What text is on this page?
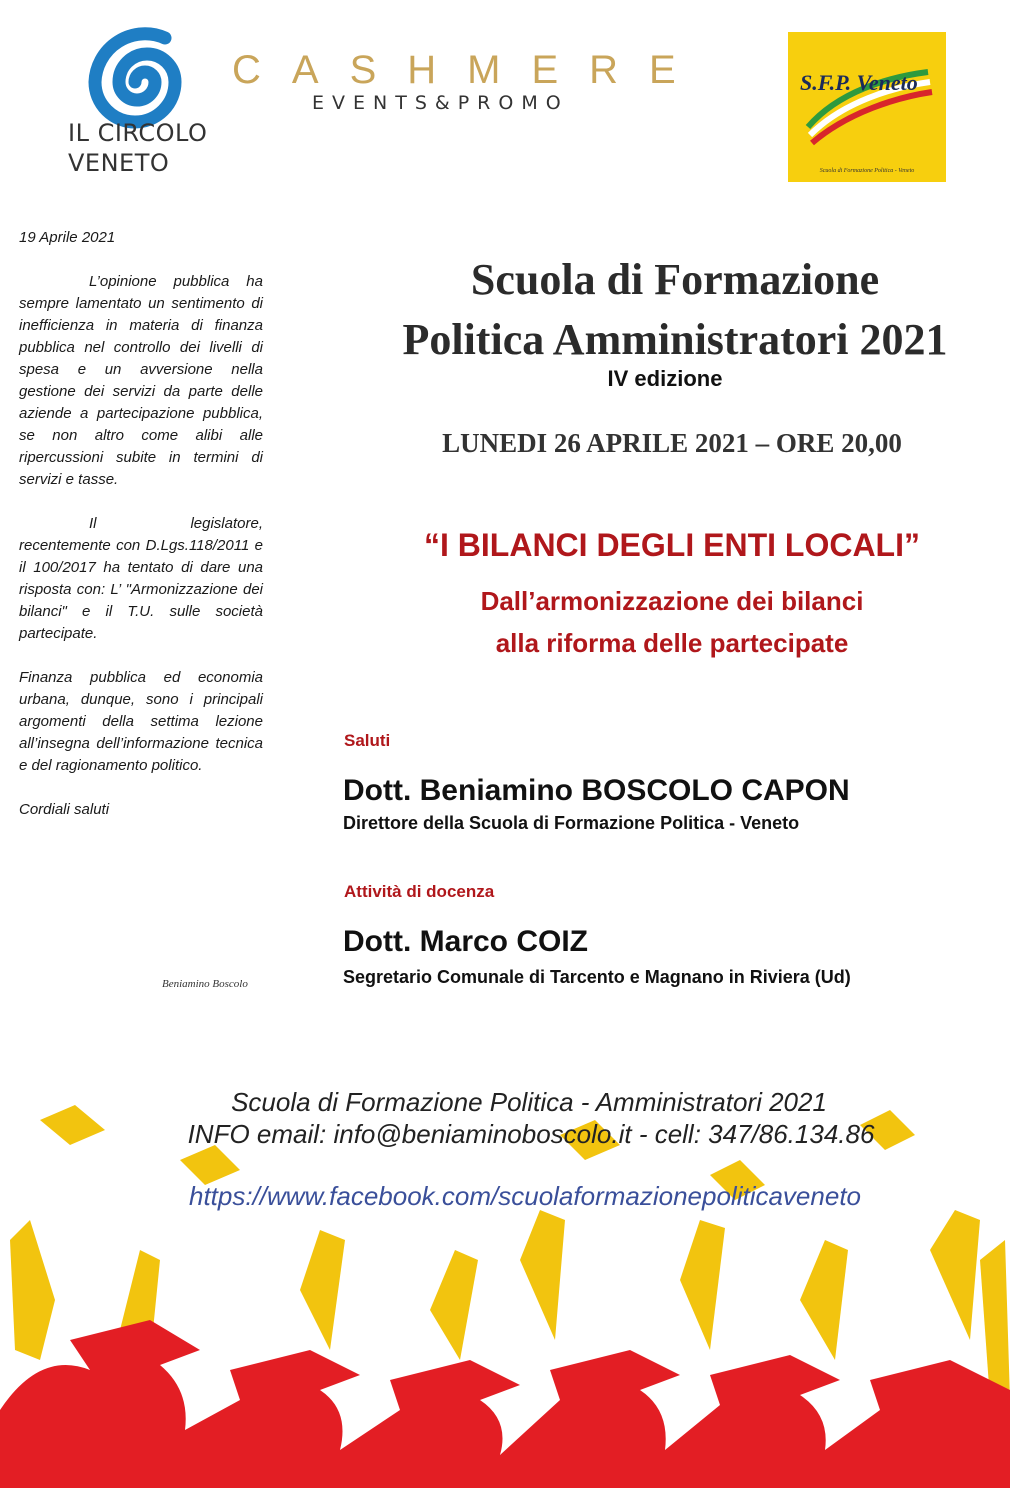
IL CIRCOLO
VENETO
CASHMERE
EVENTS&PROMO
S.F.P. Veneto
Scuola di Formazione Politica - Veneto

19 Aprile 2021

L’opinione pubblica ha sempre lamentato un sentimento di inefficienza in materia di finanza pubblica nel controllo dei livelli di spesa e un avversione nella gestione dei servizi da parte delle aziende a partecipazione pubblica, se non altro come alibi alle ripercussioni subite in termini di servizi e tasse.

Il legislatore, recentemente con D.Lgs.118/2011 e il 100/2017 ha tentato di dare una risposta con: L’ "Armonizzazione dei bilanci" e il T.U. sulle società partecipate.

Finanza pubblica ed economia urbana, dunque, sono i principali argomenti della settima lezione all’insegna dell’informazione tecnica e del ragionamento politico.

Cordiali saluti

Beniamino Boscolo
Scuola di Formazione
Politica Amministratori 2021
IV edizione
LUNEDI 26 APRILE 2021 – ORE 20,00
“I BILANCI DEGLI ENTI LOCALI”
Dall’armonizzazione dei bilanci
alla riforma delle partecipate
Saluti
Dott. Beniamino BOSCOLO CAPON
Direttore della Scuola di Formazione Politica - Veneto
Attività di docenza
Dott. Marco COIZ
Segretario Comunale di Tarcento e Magnano in Riviera (Ud)
Scuola di Formazione Politica - Amministratori 2021
INFO email: info@beniaminoboscolo.it - cell: 347/86.134.86
https://www.facebook.com/scuolaformazionepoliticaveneto
